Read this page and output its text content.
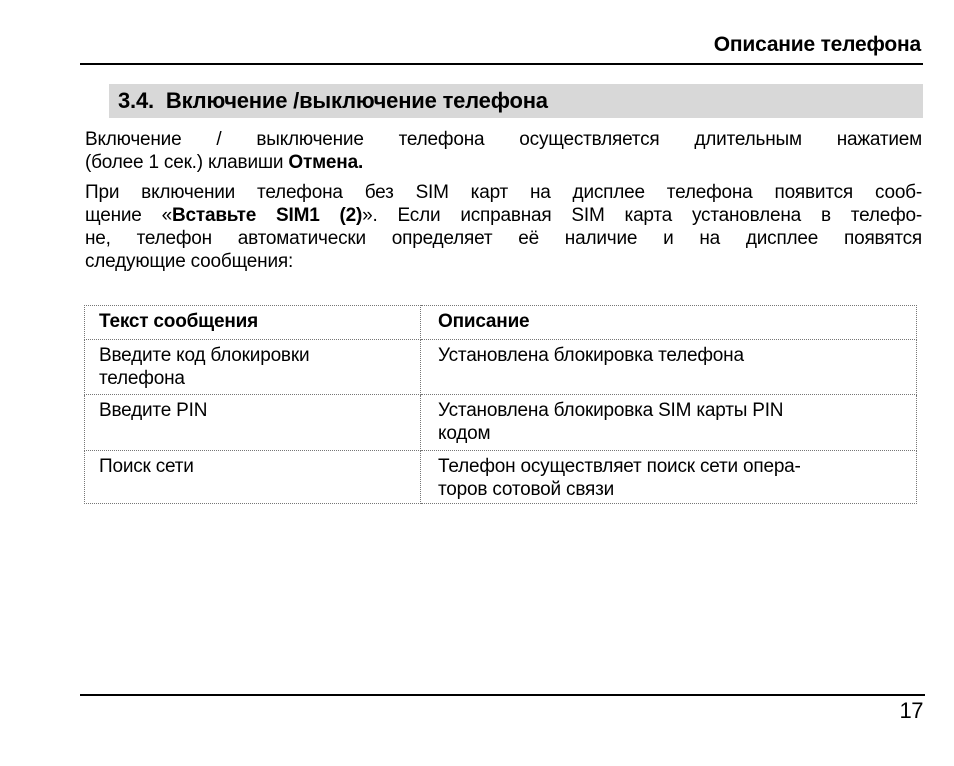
Описание телефона
3.4. Включение /выключение телефона
Включение / выключение телефона осуществляется длительным нажатием
(более 1 сек.) клавиши Отмена.
При включении телефона без SIM карт на дисплее телефона появится сооб-
щение «Вставьте SIM1 (2)». Если исправная SIM карта установлена в телефо-
не, телефон автоматически определяет её наличие и на дисплее появятся
следующие сообщения:
Текст сообщения	Описание

Введите код блокировки
телефона	Установлена блокировка телефона

Введите PIN	Установлена блокировка SIM карты PIN
кодом

Поиск сети	Телефон осуществляет поиск сети опера-
торов сотовой связи
17
